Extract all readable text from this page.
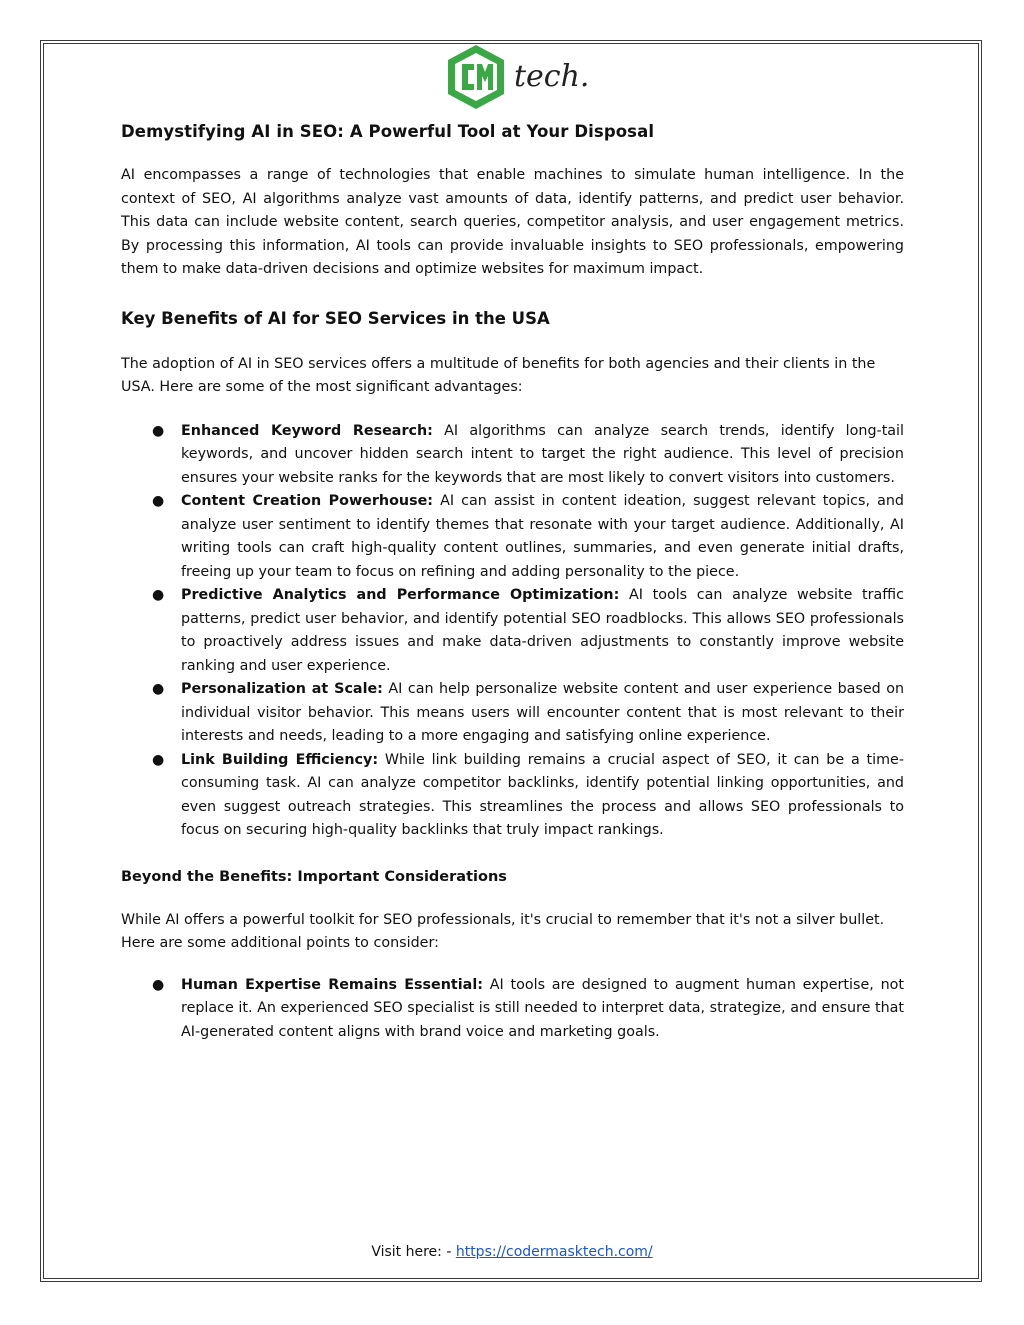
tech.
Demystifying AI in SEO: A Powerful Tool at Your Disposal

AI encompasses a range of technologies that enable machines to simulate human intelligence. In the context of SEO, AI algorithms analyze vast amounts of data, identify patterns, and predict user behavior. This data can include website content, search queries, competitor analysis, and user engagement metrics. By processing this information, AI tools can provide invaluable insights to SEO professionals, empowering them to make data-driven decisions and optimize websites for maximum impact.

Key Benefits of AI for SEO Services in the USA

The adoption of AI in SEO services offers a multitude of benefits for both agencies and their clients in the USA. Here are some of the most significant advantages:

● Enhanced Keyword Research: AI algorithms can analyze search trends, identify long-tail keywords, and uncover hidden search intent to target the right audience. This level of precision ensures your website ranks for the keywords that are most likely to convert visitors into customers.
● Content Creation Powerhouse: AI can assist in content ideation, suggest relevant topics, and analyze user sentiment to identify themes that resonate with your target audience. Additionally, AI writing tools can craft high-quality content outlines, summaries, and even generate initial drafts, freeing up your team to focus on refining and adding personality to the piece.
● Predictive Analytics and Performance Optimization: AI tools can analyze website traffic patterns, predict user behavior, and identify potential SEO roadblocks. This allows SEO professionals to proactively address issues and make data-driven adjustments to constantly improve website ranking and user experience.
● Personalization at Scale: AI can help personalize website content and user experience based on individual visitor behavior. This means users will encounter content that is most relevant to their interests and needs, leading to a more engaging and satisfying online experience.
● Link Building Efficiency: While link building remains a crucial aspect of SEO, it can be a time-consuming task. AI can analyze competitor backlinks, identify potential linking opportunities, and even suggest outreach strategies. This streamlines the process and allows SEO professionals to focus on securing high-quality backlinks that truly impact rankings.
Beyond the Benefits: Important Considerations

While AI offers a powerful toolkit for SEO professionals, it's crucial to remember that it's not a silver bullet. Here are some additional points to consider:

● Human Expertise Remains Essential: AI tools are designed to augment human expertise, not replace it. An experienced SEO specialist is still needed to interpret data, strategize, and ensure that AI-generated content aligns with brand voice and marketing goals.
Visit here: - https://codermasktech.com/
